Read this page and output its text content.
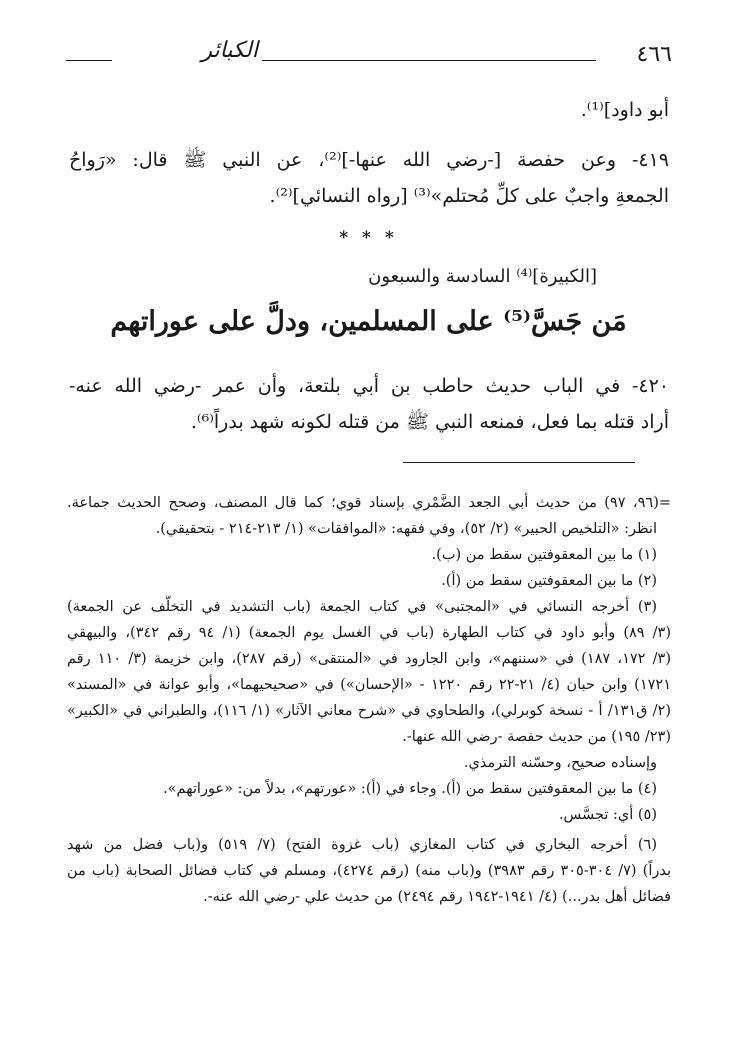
الكبائر	٤٦٦
أبو داود]⁽¹⁾.
٤١٩- وعن حفصة [-رضي الله عنها-]⁽²⁾، عن النبي ﷺ قال: «رَواحُ
الجمعةِ واجبٌ على كلِّ مُحتلم»⁽³⁾ [رواه النسائي]⁽²⁾.
* * *
[الكبيرة]⁽⁴⁾ السادسة والسبعون
مَن جَسَّ⁽⁵⁾ على المسلمين، ودلَّ على عوراتهم
٤٢٠- في الباب حديث حاطب بن أبي بلتعة، وأن عمر -رضي الله عنه-
أراد قتله بما فعل، فمنعه النبي ﷺ من قتله لكونه شهد بدراً⁽⁶⁾.
=(٩٦، ٩٧) من حديث أبي الجعد الضَّمْري بإسناد قوي؛ كما قال المصنف، وصحح الحديث جماعة.
انظر: «التلخيص الحبير» (٢/ ٥٢)، وفي فقهه: «الموافقات» (١/ ٢١٣-٢١٤ - بتحقيقي).
(١) ما بين المعقوفتين سقط من (ب).
(٢) ما بين المعقوفتين سقط من (أ).
(٣) أخرجه النسائي في «المجتبى» في كتاب الجمعة (باب التشديد في التخلّف عن الجمعة)
(٣/ ٨٩) وأبو داود في كتاب الطهارة (باب في الغسل يوم الجمعة) (١/ ٩٤ رقم ٣٤٢)، والبيهقي
(٣/ ١٧٢، ١٨٧) في «سننهم»، وابن الجارود في «المنتقى» (رقم ٢٨٧)، وابن خزيمة (٣/ ١١٠ رقم
١٧٢١) وابن حبان (٤/ ٢١-٢٢ رقم ١٢٢٠ - «الإحسان») في «صحيحيهما»، وأبو عوانة في «المسند»
(٢/ ق١٣١/ أ - نسخة كوبرلي)، والطحاوي في «شرح معاني الآثار» (١/ ١١٦)، والطبراني في «الكبير»
(٢٣/ ١٩٥) من حديث حفصة -رضي الله عنها-.
وإسناده صحيح، وحسّنه الترمذي.
(٤) ما بين المعقوفتين سقط من (أ). وجاء في (أ): «عورتهم»، بدلاً من: «عوراتهم».
(٥) أي: تجسَّس.
(٦) أخرجه البخاري في كتاب المغازي (باب غزوة الفتح) (٧/ ٥١٩) و(باب فضل من شهد
بدراً) (٧/ ٣٠٤-٣٠٥ رقم ٣٩٨٣) و(باب منه) (رقم ٤٢٧٤)، ومسلم في كتاب فضائل الصحابة (باب من
فضائل أهل بدر...) (٤/ ١٩٤١-١٩٤٢ رقم ٢٤٩٤) من حديث علي -رضي الله عنه-.
